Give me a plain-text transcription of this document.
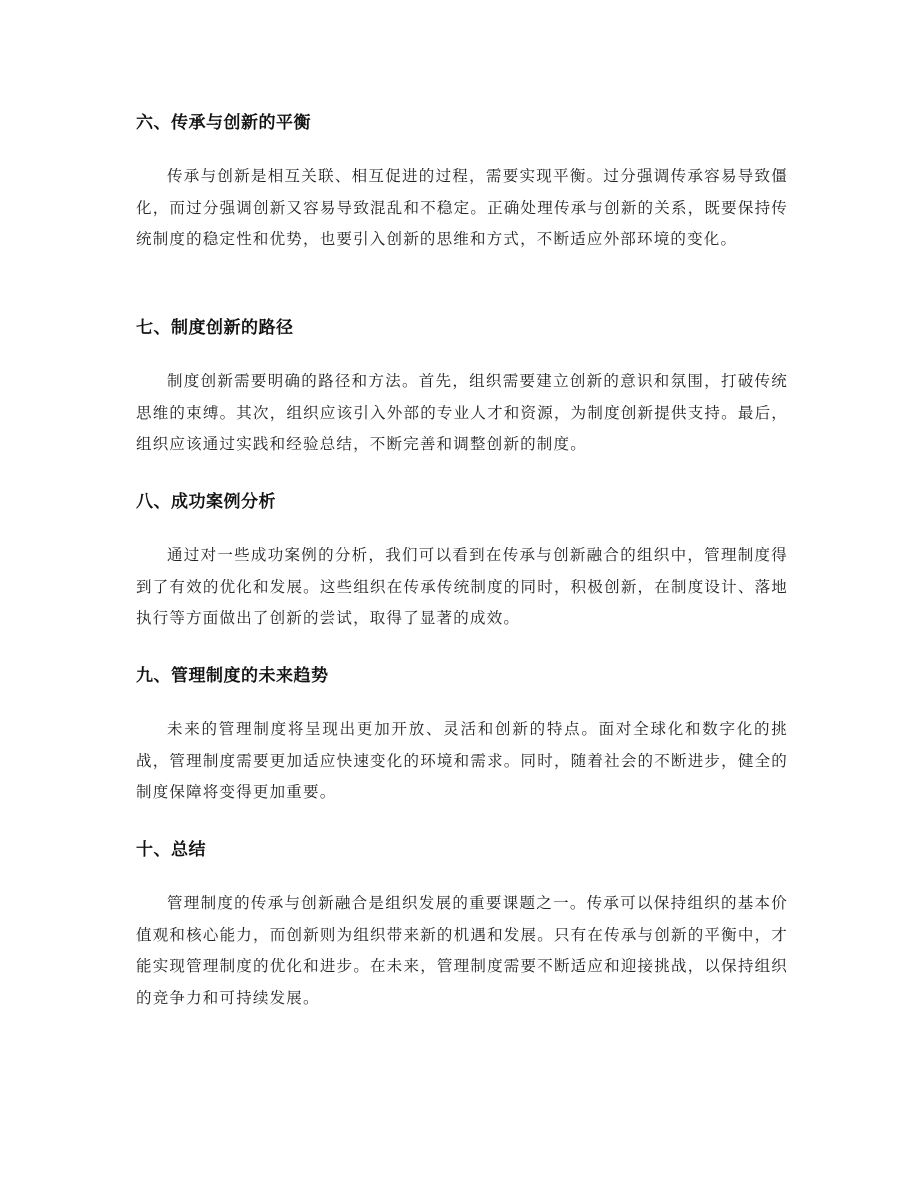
六、传承与创新的平衡

传承与创新是相互关联、相互促进的过程，需要实现平衡。过分强调传承容易导致僵化，而过分强调创新又容易导致混乱和不稳定。正确处理传承与创新的关系，既要保持传统制度的稳定性和优势，也要引入创新的思维和方式，不断适应外部环境的变化。

七、制度创新的路径

制度创新需要明确的路径和方法。首先，组织需要建立创新的意识和氛围，打破传统思维的束缚。其次，组织应该引入外部的专业人才和资源，为制度创新提供支持。最后，组织应该通过实践和经验总结，不断完善和调整创新的制度。

八、成功案例分析

通过对一些成功案例的分析，我们可以看到在传承与创新融合的组织中，管理制度得到了有效的优化和发展。这些组织在传承传统制度的同时，积极创新，在制度设计、落地执行等方面做出了创新的尝试，取得了显著的成效。

九、管理制度的未来趋势

未来的管理制度将呈现出更加开放、灵活和创新的特点。面对全球化和数字化的挑战，管理制度需要更加适应快速变化的环境和需求。同时，随着社会的不断进步，健全的制度保障将变得更加重要。

十、总结

管理制度的传承与创新融合是组织发展的重要课题之一。传承可以保持组织的基本价值观和核心能力，而创新则为组织带来新的机遇和发展。只有在传承与创新的平衡中，才能实现管理制度的优化和进步。在未来，管理制度需要不断适应和迎接挑战，以保持组织的竞争力和可持续发展。
